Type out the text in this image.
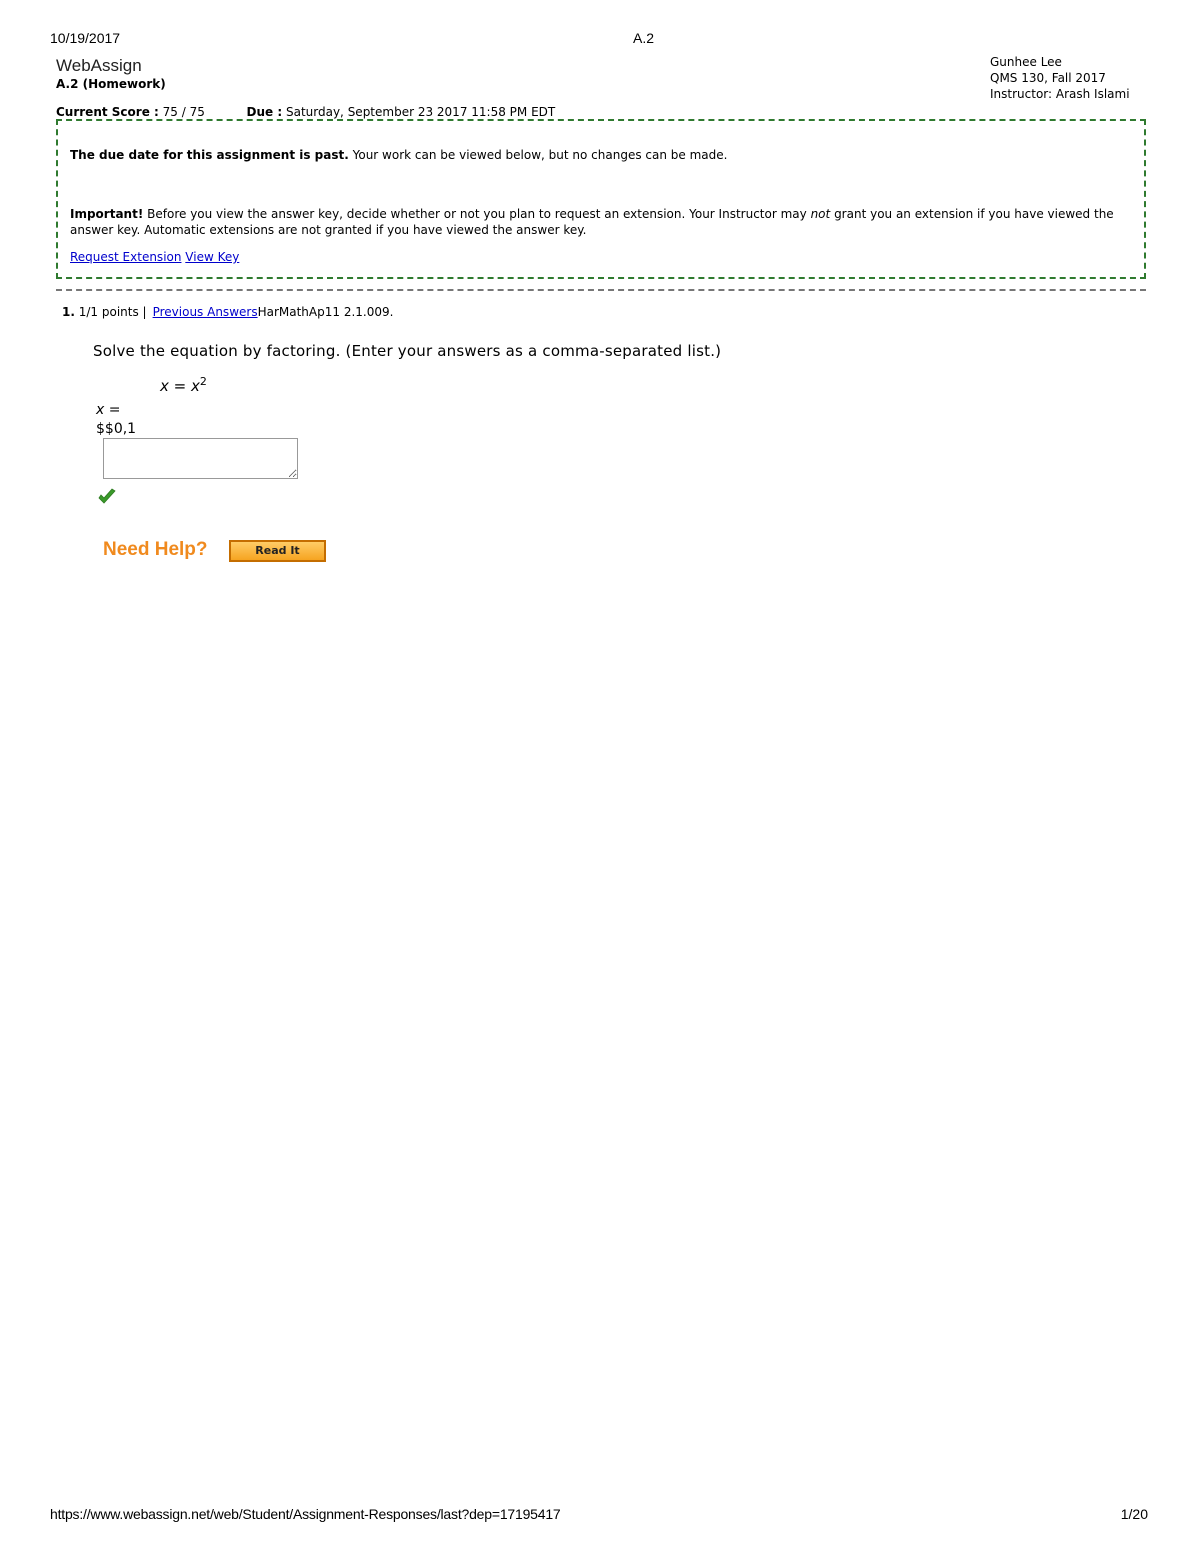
10/19/2017	A.2
WebAssign
A.2 (Homework)
Gunhee Lee
QMS 130, Fall 2017
Instructor: Arash Islami
Current Score : 75 / 75	Due : Saturday, September 23 2017 11:58 PM EDT
The due date for this assignment is past. Your work can be viewed below, but no changes can be made.
Important! Before you view the answer key, decide whether or not you plan to request an extension. Your Instructor may not grant you an extension if you have viewed the answer key. Automatic extensions are not granted if you have viewed the answer key.
Request Extension View Key
1. 1/1 points | Previous AnswersHarMathAp11 2.1.009.
Solve the equation by factoring. (Enter your answers as a comma-separated list.)
$x = x^2$
x =
$$0,1
Need Help?	Read It
https://www.webassign.net/web/Student/Assignment-Responses/last?dep=17195417	1/20
